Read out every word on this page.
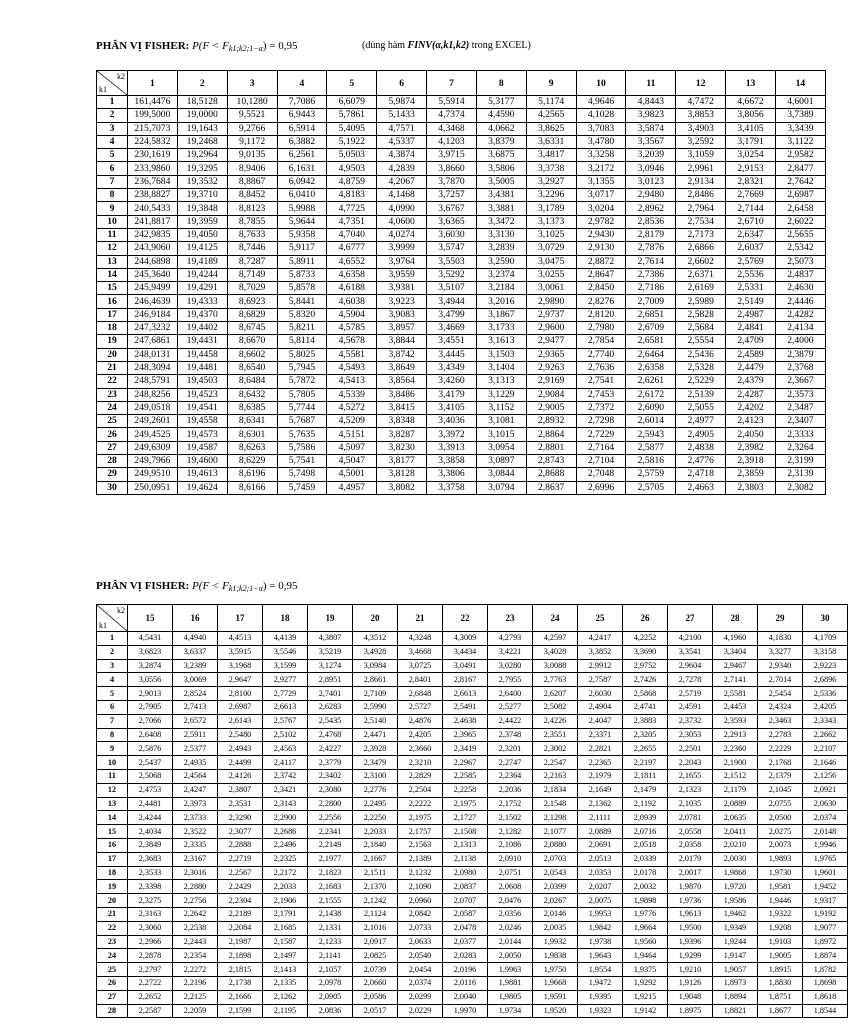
PHÂN VỊ FISHER: $P(F < F_{k1;k2;1-\alpha}) = 0,95$	(dùng hàm FINV(α,k1,k2) trong EXCEL)
k2
k1	1	2	3	4	5	6	7	8	9	10	11	12	13	14
1	161,4476	18,5128	10,1280	7,7086	6,6079	5,9874	5,5914	5,3177	5,1174	4,9646	4,8443	4,7472	4,6672	4,6001
2	199,5000	19,0000	9,5521	6,9443	5,7861	5,1433	4,7374	4,4590	4,2565	4,1028	3,9823	3,8853	3,8056	3,7389
3	215,7073	19,1643	9,2766	6,5914	5,4095	4,7571	4,3468	4,0662	3,8625	3,7083	3,5874	3,4903	3,4105	3,3439
4	224,5832	19,2468	9,1172	6,3882	5,1922	4,5337	4,1203	3,8379	3,6331	3,4780	3,3567	3,2592	3,1791	3,1122
5	230,1619	19,2964	9,0135	6,2561	5,0503	4,3874	3,9715	3,6875	3,4817	3,3258	3,2039	3,1059	3,0254	2,9582
6	233,9860	19,3295	8,9406	6,1631	4,9503	4,2839	3,8660	3,5806	3,3738	3,2172	3,0946	2,9961	2,9153	2,8477
7	236,7684	19,3532	8,8867	6,0942	4,8759	4,2067	3,7870	3,5005	3,2927	3,1355	3,0123	2,9134	2,8321	2,7642
8	238,8827	19,3710	8,8452	6,0410	4,8183	4,1468	3,7257	3,4381	3,2296	3,0717	2,9480	2,8486	2,7669	2,6987
9	240,5433	19,3848	8,8123	5,9988	4,7725	4,0990	3,6767	3,3881	3,1789	3,0204	2,8962	2,7964	2,7144	2,6458
10	241,8817	19,3959	8,7855	5,9644	4,7351	4,0600	3,6365	3,3472	3,1373	2,9782	2,8536	2,7534	2,6710	2,6022
11	242,9835	19,4050	8,7633	5,9358	4,7040	4,0274	3,6030	3,3130	3,1025	2,9430	2,8179	2,7173	2,6347	2,5655
12	243,9060	19,4125	8,7446	5,9117	4,6777	3,9999	3,5747	3,2839	3,0729	2,9130	2,7876	2,6866	2,6037	2,5342
13	244,6898	19,4189	8,7287	5,8911	4,6552	3,9764	3,5503	3,2590	3,0475	2,8872	2,7614	2,6602	2,5769	2,5073
14	245,3640	19,4244	8,7149	5,8733	4,6358	3,9559	3,5292	3,2374	3,0255	2,8647	2,7386	2,6371	2,5536	2,4837
15	245,9499	19,4291	8,7029	5,8578	4,6188	3,9381	3,5107	3,2184	3,0061	2,8450	2,7186	2,6169	2,5331	2,4630
16	246,4639	19,4333	8,6923	5,8441	4,6038	3,9223	3,4944	3,2016	2,9890	2,8276	2,7009	2,5989	2,5149	2,4446
17	246,9184	19,4370	8,6829	5,8320	4,5904	3,9083	3,4799	3,1867	2,9737	2,8120	2,6851	2,5828	2,4987	2,4282
18	247,3232	19,4402	8,6745	5,8211	4,5785	3,8957	3,4669	3,1733	2,9600	2,7980	2,6709	2,5684	2,4841	2,4134
19	247,6861	19,4431	8,6670	5,8114	4,5678	3,8844	3,4551	3,1613	2,9477	2,7854	2,6581	2,5554	2,4709	2,4000
20	248,0131	19,4458	8,6602	5,8025	4,5581	3,8742	3,4445	3,1503	2,9365	2,7740	2,6464	2,5436	2,4589	2,3879
21	248,3094	19,4481	8,6540	5,7945	4,5493	3,8649	3,4349	3,1404	2,9263	2,7636	2,6358	2,5328	2,4479	2,3768
22	248,5791	19,4503	8,6484	5,7872	4,5413	3,8564	3,4260	3,1313	2,9169	2,7541	2,6261	2,5229	2,4379	2,3667
23	248,8256	19,4523	8,6432	5,7805	4,5339	3,8486	3,4179	3,1229	2,9084	2,7453	2,6172	2,5139	2,4287	2,3573
24	249,0518	19,4541	8,6385	5,7744	4,5272	3,8415	3,4105	3,1152	2,9005	2,7372	2,6090	2,5055	2,4202	2,3487
25	249,2601	19,4558	8,6341	5,7687	4,5209	3,8348	3,4036	3,1081	2,8932	2,7298	2,6014	2,4977	2,4123	2,3407
26	249,4525	19,4573	8,6301	5,7635	4,5151	3,8287	3,3972	3,1015	2,8864	2,7229	2,5943	2,4905	2,4050	2,3333
27	249,6309	19,4587	8,6263	5,7586	4,5097	3,8230	3,3913	3,0954	2,8801	2,7164	2,5877	2,4838	2,3982	2,3264
28	249,7966	19,4600	8,6229	5,7541	4,5047	3,8177	3,3858	3,0897	2,8743	2,7104	2,5816	2,4776	2,3918	2,3199
29	249,9510	19,4613	8,6196	5,7498	4,5001	3,8128	3,3806	3,0844	2,8688	2,7048	2,5759	2,4718	2,3859	2,3139
30	250,0951	19,4624	8,6166	5,7459	4,4957	3,8082	3,3758	3,0794	2,8637	2,6996	2,5705	2,4663	2,3803	2,3082
PHÂN VỊ FISHER: $P(F < F_{k1;k2;1-\alpha}) = 0,95$
k2
k1	15	16	17	18	19	20	21	22	23	24	25	26	27	28	29	30
1	4,5431	4,4940	4,4513	4,4139	4,3807	4,3512	4,3248	4,3009	4,2793	4,2597	4,2417	4,2252	4,2100	4,1960	4,1830	4,1709
2	3,6823	3,6337	3,5915	3,5546	3,5219	3,4928	3,4668	3,4434	3,4221	3,4028	3,3852	3,3690	3,3541	3,3404	3,3277	3,3158
3	3,2874	3,2389	3,1968	3,1599	3,1274	3,0984	3,0725	3,0491	3,0280	3,0088	2,9912	2,9752	2,9604	2,9467	2,9340	2,9223
4	3,0556	3,0069	2,9647	2,9277	2,8951	2,8661	2,8401	2,8167	2,7955	2,7763	2,7587	2,7426	2,7278	2,7141	2,7014	2,6896
5	2,9013	2,8524	2,8100	2,7729	2,7401	2,7109	2,6848	2,6613	2,6400	2,6207	2,6030	2,5868	2,5719	2,5581	2,5454	2,5336
6	2,7905	2,7413	2,6987	2,6613	2,6283	2,5990	2,5727	2,5491	2,5277	2,5082	2,4904	2,4741	2,4591	2,4453	2,4324	2,4205
7	2,7066	2,6572	2,6143	2,5767	2,5435	2,5140	2,4876	2,4638	2,4422	2,4226	2,4047	2,3883	2,3732	2,3593	2,3463	2,3343
8	2,6408	2,5911	2,5480	2,5102	2,4768	2,4471	2,4205	2,3965	2,3748	2,3551	2,3371	2,3205	2,3053	2,2913	2,2783	2,2662
9	2,5876	2,5377	2,4943	2,4563	2,4227	2,3928	2,3660	2,3419	2,3201	2,3002	2,2821	2,2655	2,2501	2,2360	2,2229	2,2107
10	2,5437	2,4935	2,4499	2,4117	2,3779	2,3479	2,3210	2,2967	2,2747	2,2547	2,2365	2,2197	2,2043	2,1900	2,1768	2,1646
11	2,5068	2,4564	2,4126	2,3742	2,3402	2,3100	2,2829	2,2585	2,2364	2,2163	2,1979	2,1811	2,1655	2,1512	2,1379	2,1256
12	2,4753	2,4247	2,3807	2,3421	2,3080	2,2776	2,2504	2,2258	2,2036	2,1834	2,1649	2,1479	2,1323	2,1179	2,1045	2,0921
13	2,4481	2,3973	2,3531	2,3143	2,2800	2,2495	2,2222	2,1975	2,1752	2,1548	2,1362	2,1192	2,1035	2,0889	2,0755	2,0630
14	2,4244	2,3733	2,3290	2,2900	2,2556	2,2250	2,1975	2,1727	2,1502	2,1298	2,1111	2,0939	2,0781	2,0635	2,0500	2,0374
15	2,4034	2,3522	2,3077	2,2686	2,2341	2,2033	2,1757	2,1508	2,1282	2,1077	2,0889	2,0716	2,0558	2,0411	2,0275	2,0148
16	2,3849	2,3335	2,2888	2,2496	2,2149	2,1840	2,1563	2,1313	2,1086	2,0880	2,0691	2,0518	2,0358	2,0210	2,0073	1,9946
17	2,3683	2,3167	2,2719	2,2325	2,1977	2,1667	2,1389	2,1138	2,0910	2,0703	2,0513	2,0339	2,0179	2,0030	1,9893	1,9765
18	2,3533	2,3016	2,2567	2,2172	2,1823	2,1511	2,1232	2,0980	2,0751	2,0543	2,0353	2,0178	2,0017	1,9868	1,9730	1,9601
19	2,3398	2,2880	2,2429	2,2033	2,1683	2,1370	2,1090	2,0837	2,0608	2,0399	2,0207	2,0032	1,9870	1,9720	1,9581	1,9452
20	2,3275	2,2756	2,2304	2,1906	2,1555	2,1242	2,0960	2,0707	2,0476	2,0267	2,0075	1,9898	1,9736	1,9586	1,9446	1,9317
21	2,3163	2,2642	2,2189	2,1791	2,1438	2,1124	2,0842	2,0587	2,0356	2,0146	1,9953	1,9776	1,9613	1,9462	1,9322	1,9192
22	2,3060	2,2538	2,2084	2,1685	2,1331	2,1016	2,0733	2,0478	2,0246	2,0035	1,9842	1,9664	1,9500	1,9349	1,9208	1,9077
23	2,2966	2,2443	2,1987	2,1587	2,1233	2,0917	2,0633	2,0377	2,0144	1,9932	1,9738	1,9560	1,9396	1,9244	1,9103	1,8972
24	2,2878	2,2354	2,1898	2,1497	2,1141	2,0825	2,0540	2,0283	2,0050	1,9838	1,9643	1,9464	1,9299	1,9147	1,9005	1,8874
25	2,2797	2,2272	2,1815	2,1413	2,1057	2,0739	2,0454	2,0196	1,9963	1,9750	1,9554	1,9375	1,9210	1,9057	1,8915	1,8782
26	2,2722	2,2196	2,1738	2,1335	2,0978	2,0660	2,0374	2,0116	1,9881	1,9668	1,9472	1,9292	1,9126	1,8973	1,8830	1,8698
27	2,2652	2,2125	2,1666	2,1262	2,0905	2,0586	2,0299	2,0040	1,9805	1,9591	1,9395	1,9215	1,9048	1,8894	1,8751	1,8618
28	2,2587	2,2059	2,1599	2,1195	2,0836	2,0517	2,0229	1,9970	1,9734	1,9520	1,9323	1,9142	1,8975	1,8821	1,8677	1,8544
